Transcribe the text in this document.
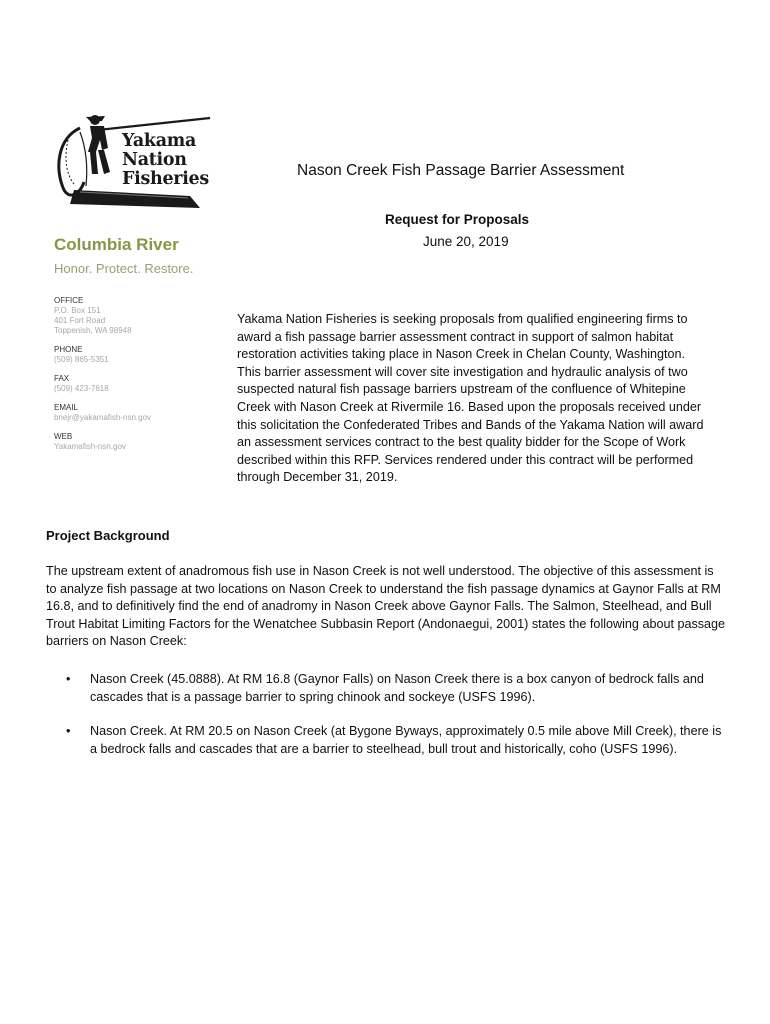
Yakama
Nation
Fisheries
Columbia River
Honor. Protect. Restore.
OFFICE
P.O. Box 151
401 Fort Road
Toppenish, WA 98948
PHONE
(509) 865-5351
FAX
(509) 423-7618
EMAIL
bnejr@yakamafish-nsn.gov
WEB
Yakamafish-nsn.gov
Nason Creek Fish Passage Barrier Assessment
Request for Proposals
June 20, 2019

Yakama Nation Fisheries is seeking proposals from qualified engineering firms to award a fish passage barrier assessment contract in support of salmon habitat restoration activities taking place in Nason Creek in Chelan County, Washington. This barrier assessment will cover site investigation and hydraulic analysis of two suspected natural fish passage barriers upstream of the confluence of Whitepine Creek with Nason Creek at Rivermile 16. Based upon the proposals received under this solicitation the Confederated Tribes and Bands of the Yakama Nation will award an assessment services contract to the best quality bidder for the Scope of Work described within this RFP. Services rendered under this contract will be performed through December 31, 2019.

Project Background

The upstream extent of anadromous fish use in Nason Creek is not well understood. The objective of this assessment is to analyze fish passage at two locations on Nason Creek to understand the fish passage dynamics at Gaynor Falls at RM 16.8, and to definitively find the end of anadromy in Nason Creek above Gaynor Falls. The Salmon, Steelhead, and Bull Trout Habitat Limiting Factors for the Wenatchee Subbasin Report (Andonaegui, 2001) states the following about passage barriers on Nason Creek:

• Nason Creek (45.0888). At RM 16.8 (Gaynor Falls) on Nason Creek there is a box canyon of bedrock falls and cascades that is a passage barrier to spring chinook and sockeye (USFS 1996).
• Nason Creek. At RM 20.5 on Nason Creek (at Bygone Byways, approximately 0.5 mile above Mill Creek), there is a bedrock falls and cascades that are a barrier to steelhead, bull trout and historically, coho (USFS 1996).
